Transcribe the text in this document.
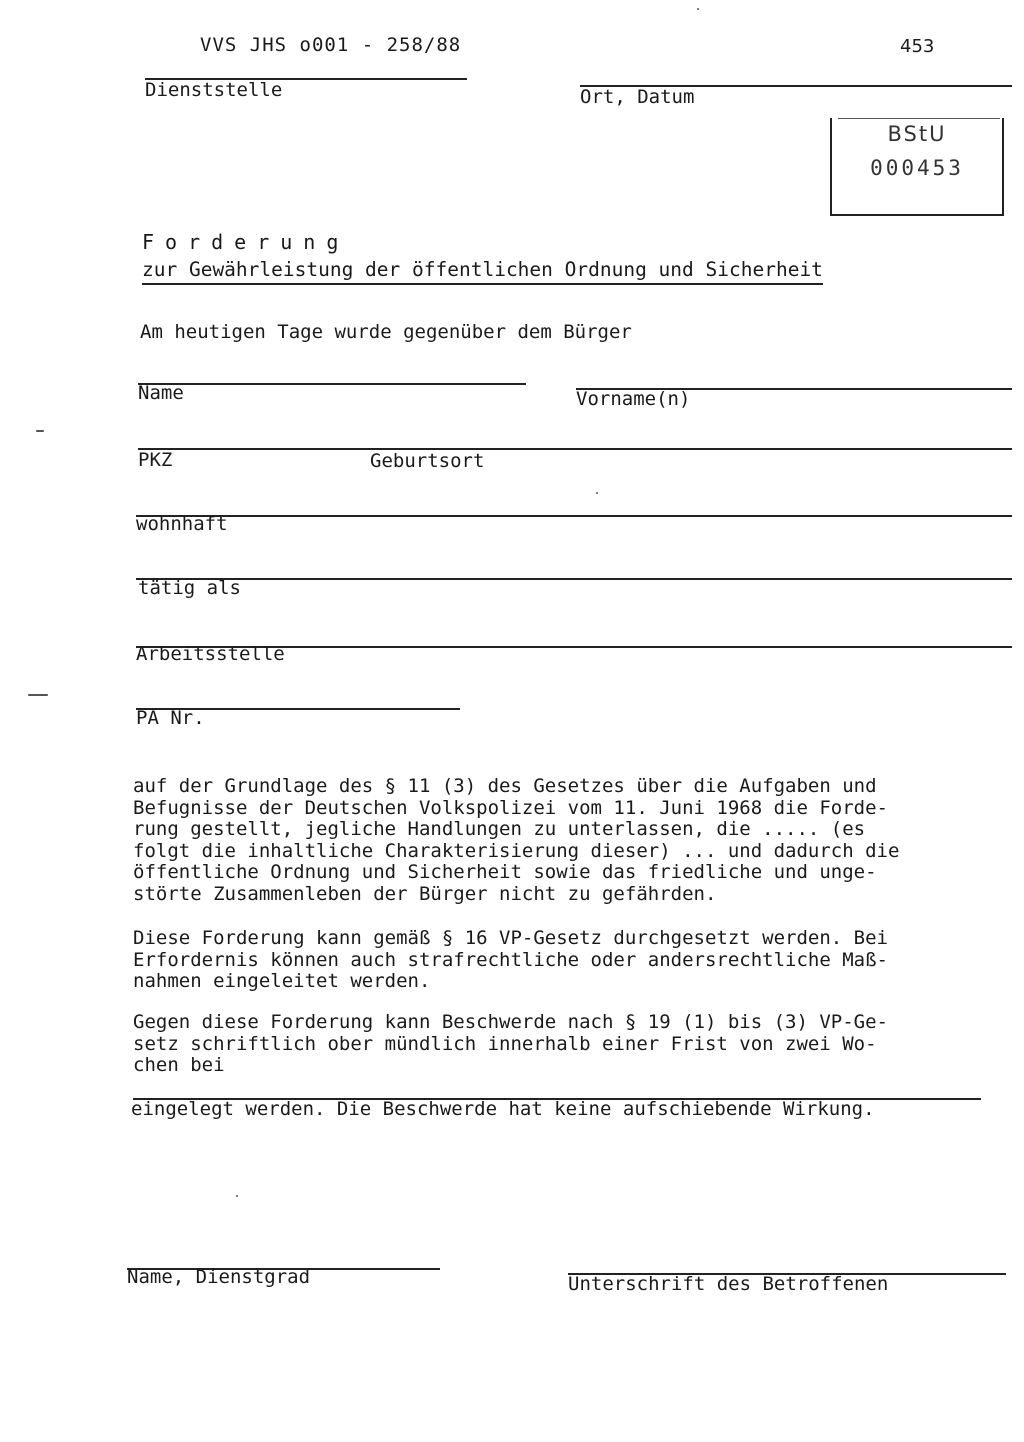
VVS JHS o001 - 258/88	453
Dienststelle	Ort, Datum
BStU
000453
Forderung
zur Gewährleistung der öffentlichen Ordnung und Sicherheit
Am heutigen Tage wurde gegenüber dem Bürger
Name	Vorname(n)
PKZ	Geburtsort
wohnhaft
tätig als
Arbeitsstelle
PA Nr.
auf der Grundlage des § 11 (3) des Gesetzes über die Aufgaben und
Befugnisse der Deutschen Volkspolizei vom 11. Juni 1968 die Forde-
rung gestellt, jegliche Handlungen zu unterlassen, die ..... (es
folgt die inhaltliche Charakterisierung dieser) ... und dadurch die
öffentliche Ordnung und Sicherheit sowie das friedliche und unge-
störte Zusammenleben der Bürger nicht zu gefährden.
Diese Forderung kann gemäß § 16 VP-Gesetz durchgesetzt werden. Bei
Erfordernis können auch strafrechtliche oder andersrechtliche Maß-
nahmen eingeleitet werden.
Gegen diese Forderung kann Beschwerde nach § 19 (1) bis (3) VP-Ge-
setz schriftlich ober mündlich innerhalb einer Frist von zwei Wo-
chen bei
eingelegt werden. Die Beschwerde hat keine aufschiebende Wirkung.
Name, Dienstgrad	Unterschrift des Betroffenen
